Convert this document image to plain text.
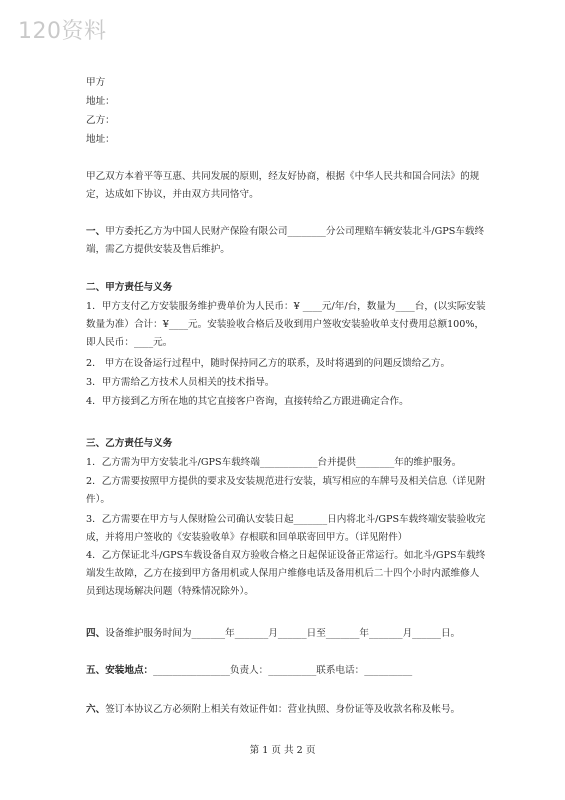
120资料
甲方
地址：
乙方：
地址：
甲乙双方本着平等互惠、共同发展的原则，经友好协商，根据《中华人民共和国合同法》的规定，达成如下协议，并由双方共同恪守。
一、甲方委托乙方为中国人民财产保险有限公司________分公司理赔车辆安装北斗/GPS车载终端，需乙方提供安装及售后维护。
二、甲方责任与义务
1．甲方支付乙方安装服务维护费单价为人民币：¥ ____元/年/台，数量为____台，(以实际安装数量为准）合计：¥____元。安装验收合格后及收到用户签收安装验收单支付费用总额100%，即人民币：____元。
2． 甲方在设备运行过程中，随时保持同乙方的联系，及时将遇到的问题反馈给乙方。
3．甲方需给乙方技术人员相关的技术指导。
4．甲方接到乙方所在地的其它直接客户咨询，直接转给乙方跟进确定合作。
三、乙方责任与义务
1．乙方需为甲方安装北斗/GPS车载终端____________台并提供________年的维护服务。
2．乙方需要按照甲方提供的要求及安装规范进行安装，填写相应的车牌号及相关信息（详见附件）。
3．乙方需要在甲方与人保财险公司确认安装日起_______日内将北斗/GPS车载终端安装验收完成，并将用户签收的《安装验收单》存根联和回单联寄回甲方。（详见附件）
4．乙方保证北斗/GPS车载设备自双方验收合格之日起保证设备正常运行。如北斗/GPS车载终端发生故障，乙方在接到甲方备用机或人保用户维修电话及备用机后二十四个小时内派维修人员到达现场解决问题（特殊情况除外）。
四、设备维护服务时间为_______年_______月______日至_______年_______月______日。
五、安装地点：________________负责人：__________联系电话：__________
六、签订本协议乙方必须附上相关有效证件如：营业执照、身份证等及收款名称及帐号。
第 1 页 共 2 页
